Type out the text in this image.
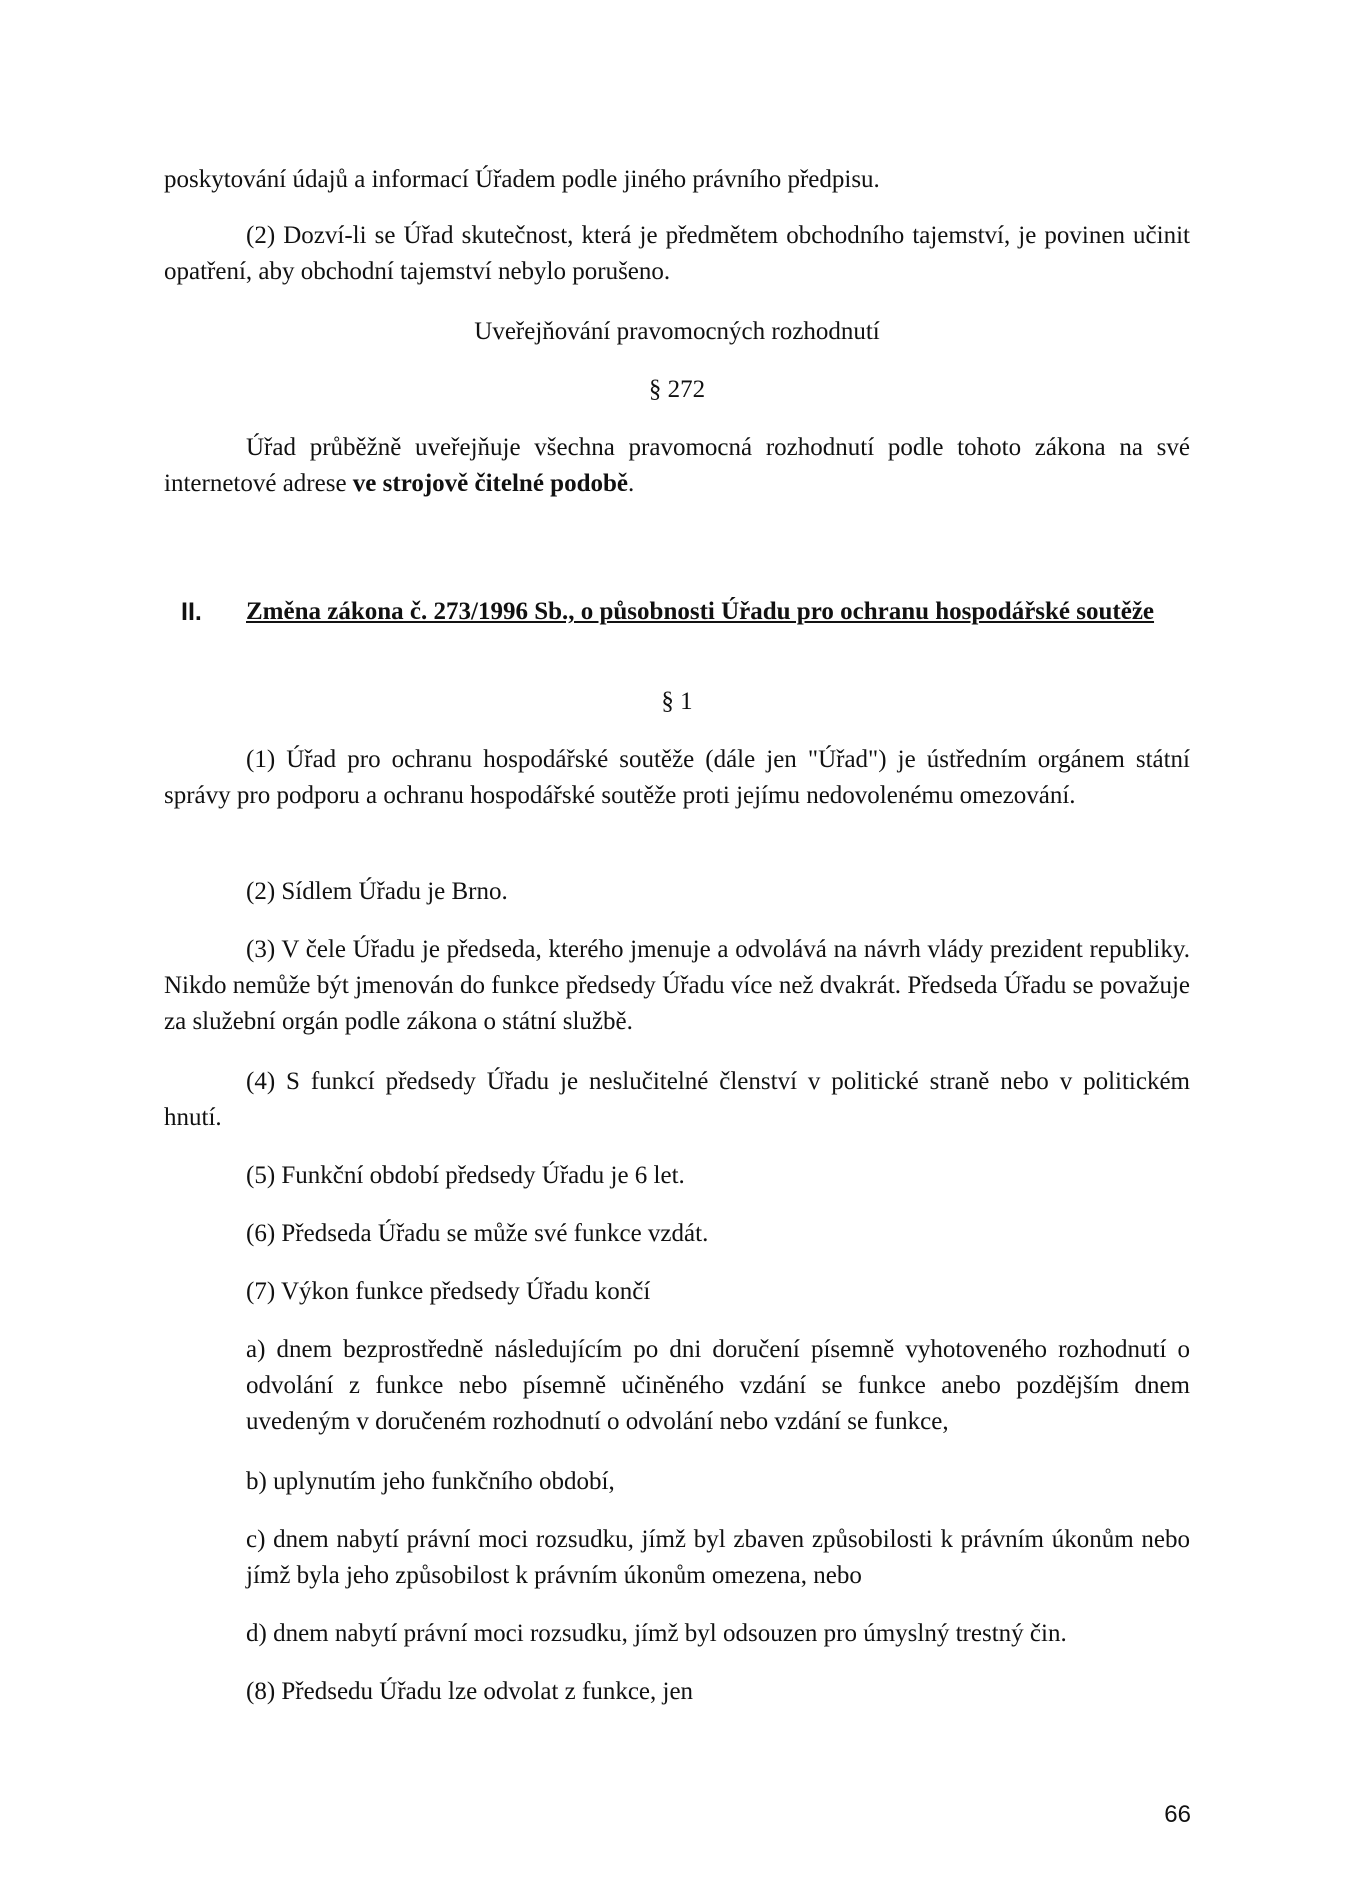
poskytování údajů a informací Úřadem podle jiného právního předpisu.

(2) Dozví-li se Úřad skutečnost, která je předmětem obchodního tajemství, je povinen učinit opatření, aby obchodní tajemství nebylo porušeno.

Uveřejňování pravomocných rozhodnutí

§ 272

Úřad průběžně uveřejňuje všechna pravomocná rozhodnutí podle tohoto zákona na své internetové adrese ve strojově čitelné podobě.

II. Změna zákona č. 273/1996 Sb., o působnosti Úřadu pro ochranu hospodářské soutěže

§ 1

(1) Úřad pro ochranu hospodářské soutěže (dále jen "Úřad") je ústředním orgánem státní správy pro podporu a ochranu hospodářské soutěže proti jejímu nedovolenému omezování.

(2) Sídlem Úřadu je Brno.

(3) V čele Úřadu je předseda, kterého jmenuje a odvolává na návrh vlády prezident republiky. Nikdo nemůže být jmenován do funkce předsedy Úřadu více než dvakrát. Předseda Úřadu se považuje za služební orgán podle zákona o státní službě.

(4) S funkcí předsedy Úřadu je neslučitelné členství v politické straně nebo v politickém hnutí.

(5) Funkční období předsedy Úřadu je 6 let.

(6) Předseda Úřadu se může své funkce vzdát.

(7) Výkon funkce předsedy Úřadu končí

a) dnem bezprostředně následujícím po dni doručení písemně vyhotoveného rozhodnutí o odvolání z funkce nebo písemně učiněného vzdání se funkce anebo pozdějším dnem uvedeným v doručeném rozhodnutí o odvolání nebo vzdání se funkce,

b) uplynutím jeho funkčního období,

c) dnem nabytí právní moci rozsudku, jímž byl zbaven způsobilosti k právním úkonům nebo jímž byla jeho způsobilost k právním úkonům omezena, nebo

d) dnem nabytí právní moci rozsudku, jímž byl odsouzen pro úmyslný trestný čin.

(8) Předsedu Úřadu lze odvolat z funkce, jen

66
